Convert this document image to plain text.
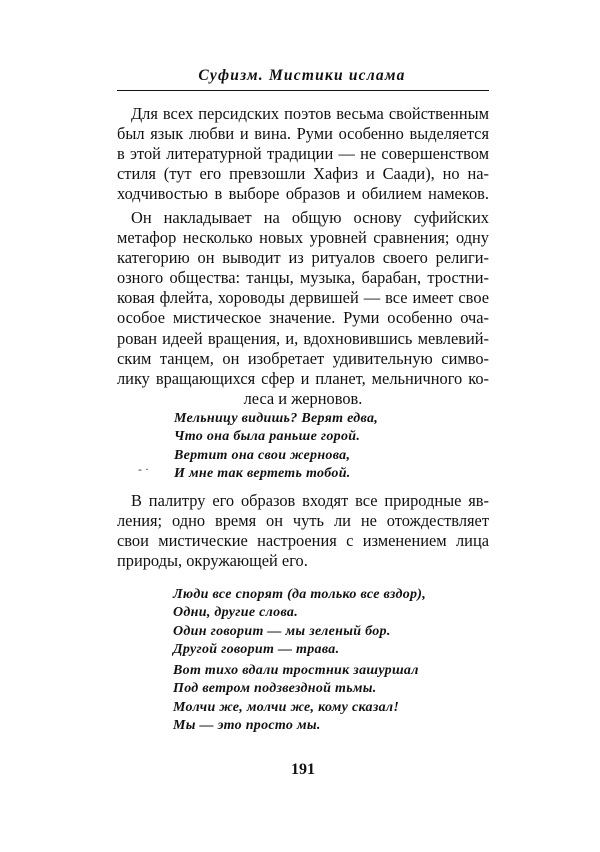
Суфизм. Мистики ислама

Для всех персидских поэтов весьма свойственным
был язык любви и вина. Руми особенно выделяется
в этой литературной традиции — не совершенством
стиля (тут его превзошли Хафиз и Саади), но на-
ходчивостью в выборе образов и обилием намеков.

Он накладывает на общую основу суфийских
метафор несколько новых уровней сравнения; одну
категорию он выводит из ритуалов своего религи-
озного общества: танцы, музыка, барабан, тростни-
ковая флейта, хороводы дервишей — все имеет свое
особое мистическое значение. Руми особенно оча-
рован идеей вращения, и, вдохновившись мевлевий-
ским танцем, он изобретает удивительную симво-
лику вращающихся сфер и планет, мельничного ко-
леса и жерновов.

Мельницу видишь? Верят едва,
Что она была раньше горой.
Вертит она свои жернова,
И мне так вертеть тобой.
- ·

В палитру его образов входят все природные яв-
ления; одно время он чуть ли не отождествляет
свои мистические настроения с изменением лица
природы, окружающей его.

Люди все спорят (да только все вздор),
Одни, другие слова.
Один говорит — мы зеленый бор.
Другой говорит — трава.
Вот тихо вдали тростник зашуршал
Под ветром подзвездной тьмы.
Молчи же, молчи же, кому сказал!
Мы — это просто мы.
191
